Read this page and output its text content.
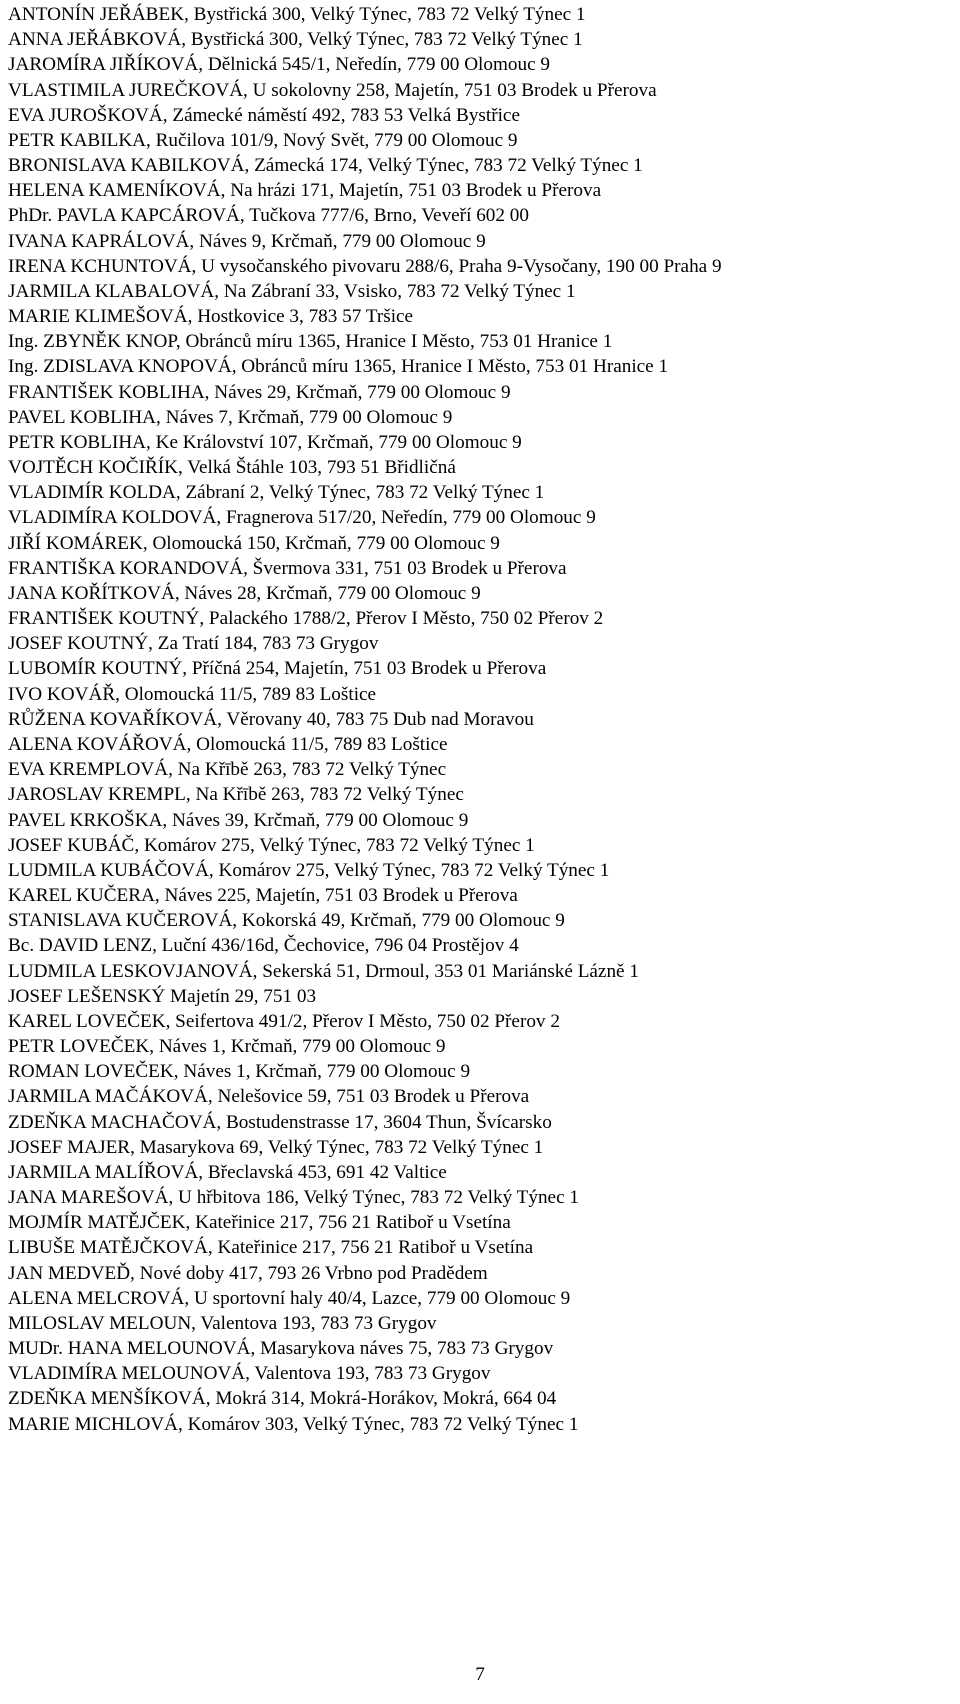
ANTONÍN JEŘÁBEK, Bystřická 300, Velký Týnec, 783 72 Velký Týnec 1
ANNA JEŘÁBKOVÁ, Bystřická 300, Velký Týnec, 783 72 Velký Týnec 1
JAROMÍRA JIŘÍKOVÁ, Dělnická 545/1, Neředín, 779 00 Olomouc 9
VLASTIMILA JUREČKOVÁ, U sokolovny 258, Majetín, 751 03 Brodek u Přerova
EVA JUROŠKOVÁ, Zámecké náměstí 492, 783 53 Velká Bystřice
PETR KABILKA, Ručilova 101/9, Nový Svět, 779 00 Olomouc 9
BRONISLAVA KABILKOVÁ, Zámecká 174, Velký Týnec, 783 72 Velký Týnec 1
HELENA KAMENÍKOVÁ, Na hrázi 171, Majetín, 751 03 Brodek u Přerova
PhDr. PAVLA KAPCÁROVÁ, Tučkova 777/6, Brno, Veveří 602 00
IVANA KAPRÁLOVÁ, Náves 9, Krčmaň, 779 00 Olomouc 9
IRENA KCHUNTOVÁ, U vysočanského pivovaru 288/6, Praha 9-Vysočany, 190 00 Praha 9
JARMILA KLABALOVÁ, Na Zábraní 33, Vsisko, 783 72 Velký Týnec 1
MARIE KLIMEŠOVÁ, Hostkovice 3, 783 57 Tršice
Ing. ZBYNĚK KNOP, Obránců míru 1365, Hranice I Město, 753 01 Hranice 1
Ing. ZDISLAVA KNOPOVÁ, Obránců míru 1365, Hranice I Město, 753 01 Hranice 1
FRANTIŠEK KOBLIHA, Náves 29, Krčmaň, 779 00 Olomouc 9
PAVEL KOBLIHA, Náves 7, Krčmaň, 779 00 Olomouc 9
PETR KOBLIHA, Ke Království 107, Krčmaň, 779 00 Olomouc 9
VOJTĚCH KOČIŘÍK, Velká Štáhle 103, 793 51 Břidličná
VLADIMÍR KOLDA, Zábraní 2, Velký Týnec, 783 72 Velký Týnec 1
VLADIMÍRA KOLDOVÁ, Fragnerova 517/20, Neředín, 779 00 Olomouc 9
JIŘÍ KOMÁREK, Olomoucká 150, Krčmaň, 779 00 Olomouc 9
FRANTIŠKA KORANDOVÁ, Švermova 331, 751 03 Brodek u Přerova
JANA KOŘÍTKOVÁ, Náves 28, Krčmaň, 779 00 Olomouc 9
FRANTIŠEK KOUTNÝ, Palackého 1788/2, Přerov I Město, 750 02 Přerov 2
JOSEF KOUTNÝ, Za Tratí 184, 783 73 Grygov
LUBOMÍR KOUTNÝ, Příčná 254, Majetín, 751 03 Brodek u Přerova
IVO KOVÁŘ, Olomoucká 11/5, 789 83 Loštice
RŮŽENA KOVAŘÍKOVÁ, Věrovany 40, 783 75 Dub nad Moravou
ALENA KOVÁŘOVÁ, Olomoucká 11/5, 789 83 Loštice
EVA KREMPLOVÁ, Na Křībě 263, 783 72 Velký Týnec
JAROSLAV KREMPL, Na Křībě 263, 783 72 Velký Týnec
PAVEL KRKOŠKA, Náves 39, Krčmaň, 779 00 Olomouc 9
JOSEF KUBÁČ, Komárov 275, Velký Týnec, 783 72 Velký Týnec 1
LUDMILA KUBÁČOVÁ, Komárov 275, Velký Týnec, 783 72 Velký Týnec 1
KAREL KUČERA, Náves 225, Majetín, 751 03 Brodek u Přerova
STANISLAVA KUČEROVÁ, Kokorská 49, Krčmaň, 779 00 Olomouc 9
Bc. DAVID LENZ, Luční 436/16d, Čechovice, 796 04 Prostějov 4
LUDMILA LESKOVJANOVÁ, Sekerská 51, Drmoul, 353 01 Mariánské Lázně 1
JOSEF LEŠENSKÝ Majetín 29, 751 03
KAREL LOVEČEK, Seifertova 491/2, Přerov I Město, 750 02 Přerov 2
PETR LOVEČEK, Náves 1, Krčmaň, 779 00 Olomouc 9
ROMAN LOVEČEK, Náves 1, Krčmaň, 779 00 Olomouc 9
JARMILA MAČÁKOVÁ, Nelešovice 59, 751 03 Brodek u Přerova
ZDEŇKA MACHAČOVÁ, Bostudenstrasse 17, 3604 Thun, Švícarsko
JOSEF MAJER, Masarykova 69, Velký Týnec, 783 72 Velký Týnec 1
JARMILA MALÍŘOVÁ, Břeclavská 453, 691 42 Valtice
JANA MAREŠOVÁ, U hřbitova 186, Velký Týnec, 783 72 Velký Týnec 1
MOJMÍR MATĚJČEK, Kateřinice 217, 756 21 Ratiboř u Vsetína
LIBUŠE MATĚJČKOVÁ, Kateřinice 217, 756 21 Ratiboř u Vsetína
JAN MEDVEĎ, Nové doby 417, 793 26 Vrbno pod Pradědem
ALENA MELCROVÁ, U sportovní haly 40/4, Lazce, 779 00 Olomouc 9
MILOSLAV MELOUN, Valentova 193, 783 73 Grygov
MUDr. HANA MELOUNOVÁ, Masarykova náves 75, 783 73 Grygov
VLADIMÍRA MELOUNOVÁ, Valentova 193, 783 73 Grygov
ZDEŇKA MENŠÍKOVÁ, Mokrá 314, Mokrá-Horákov, Mokrá, 664 04
MARIE MICHLOVÁ, Komárov 303, Velký Týnec, 783 72 Velký Týnec 1
7
